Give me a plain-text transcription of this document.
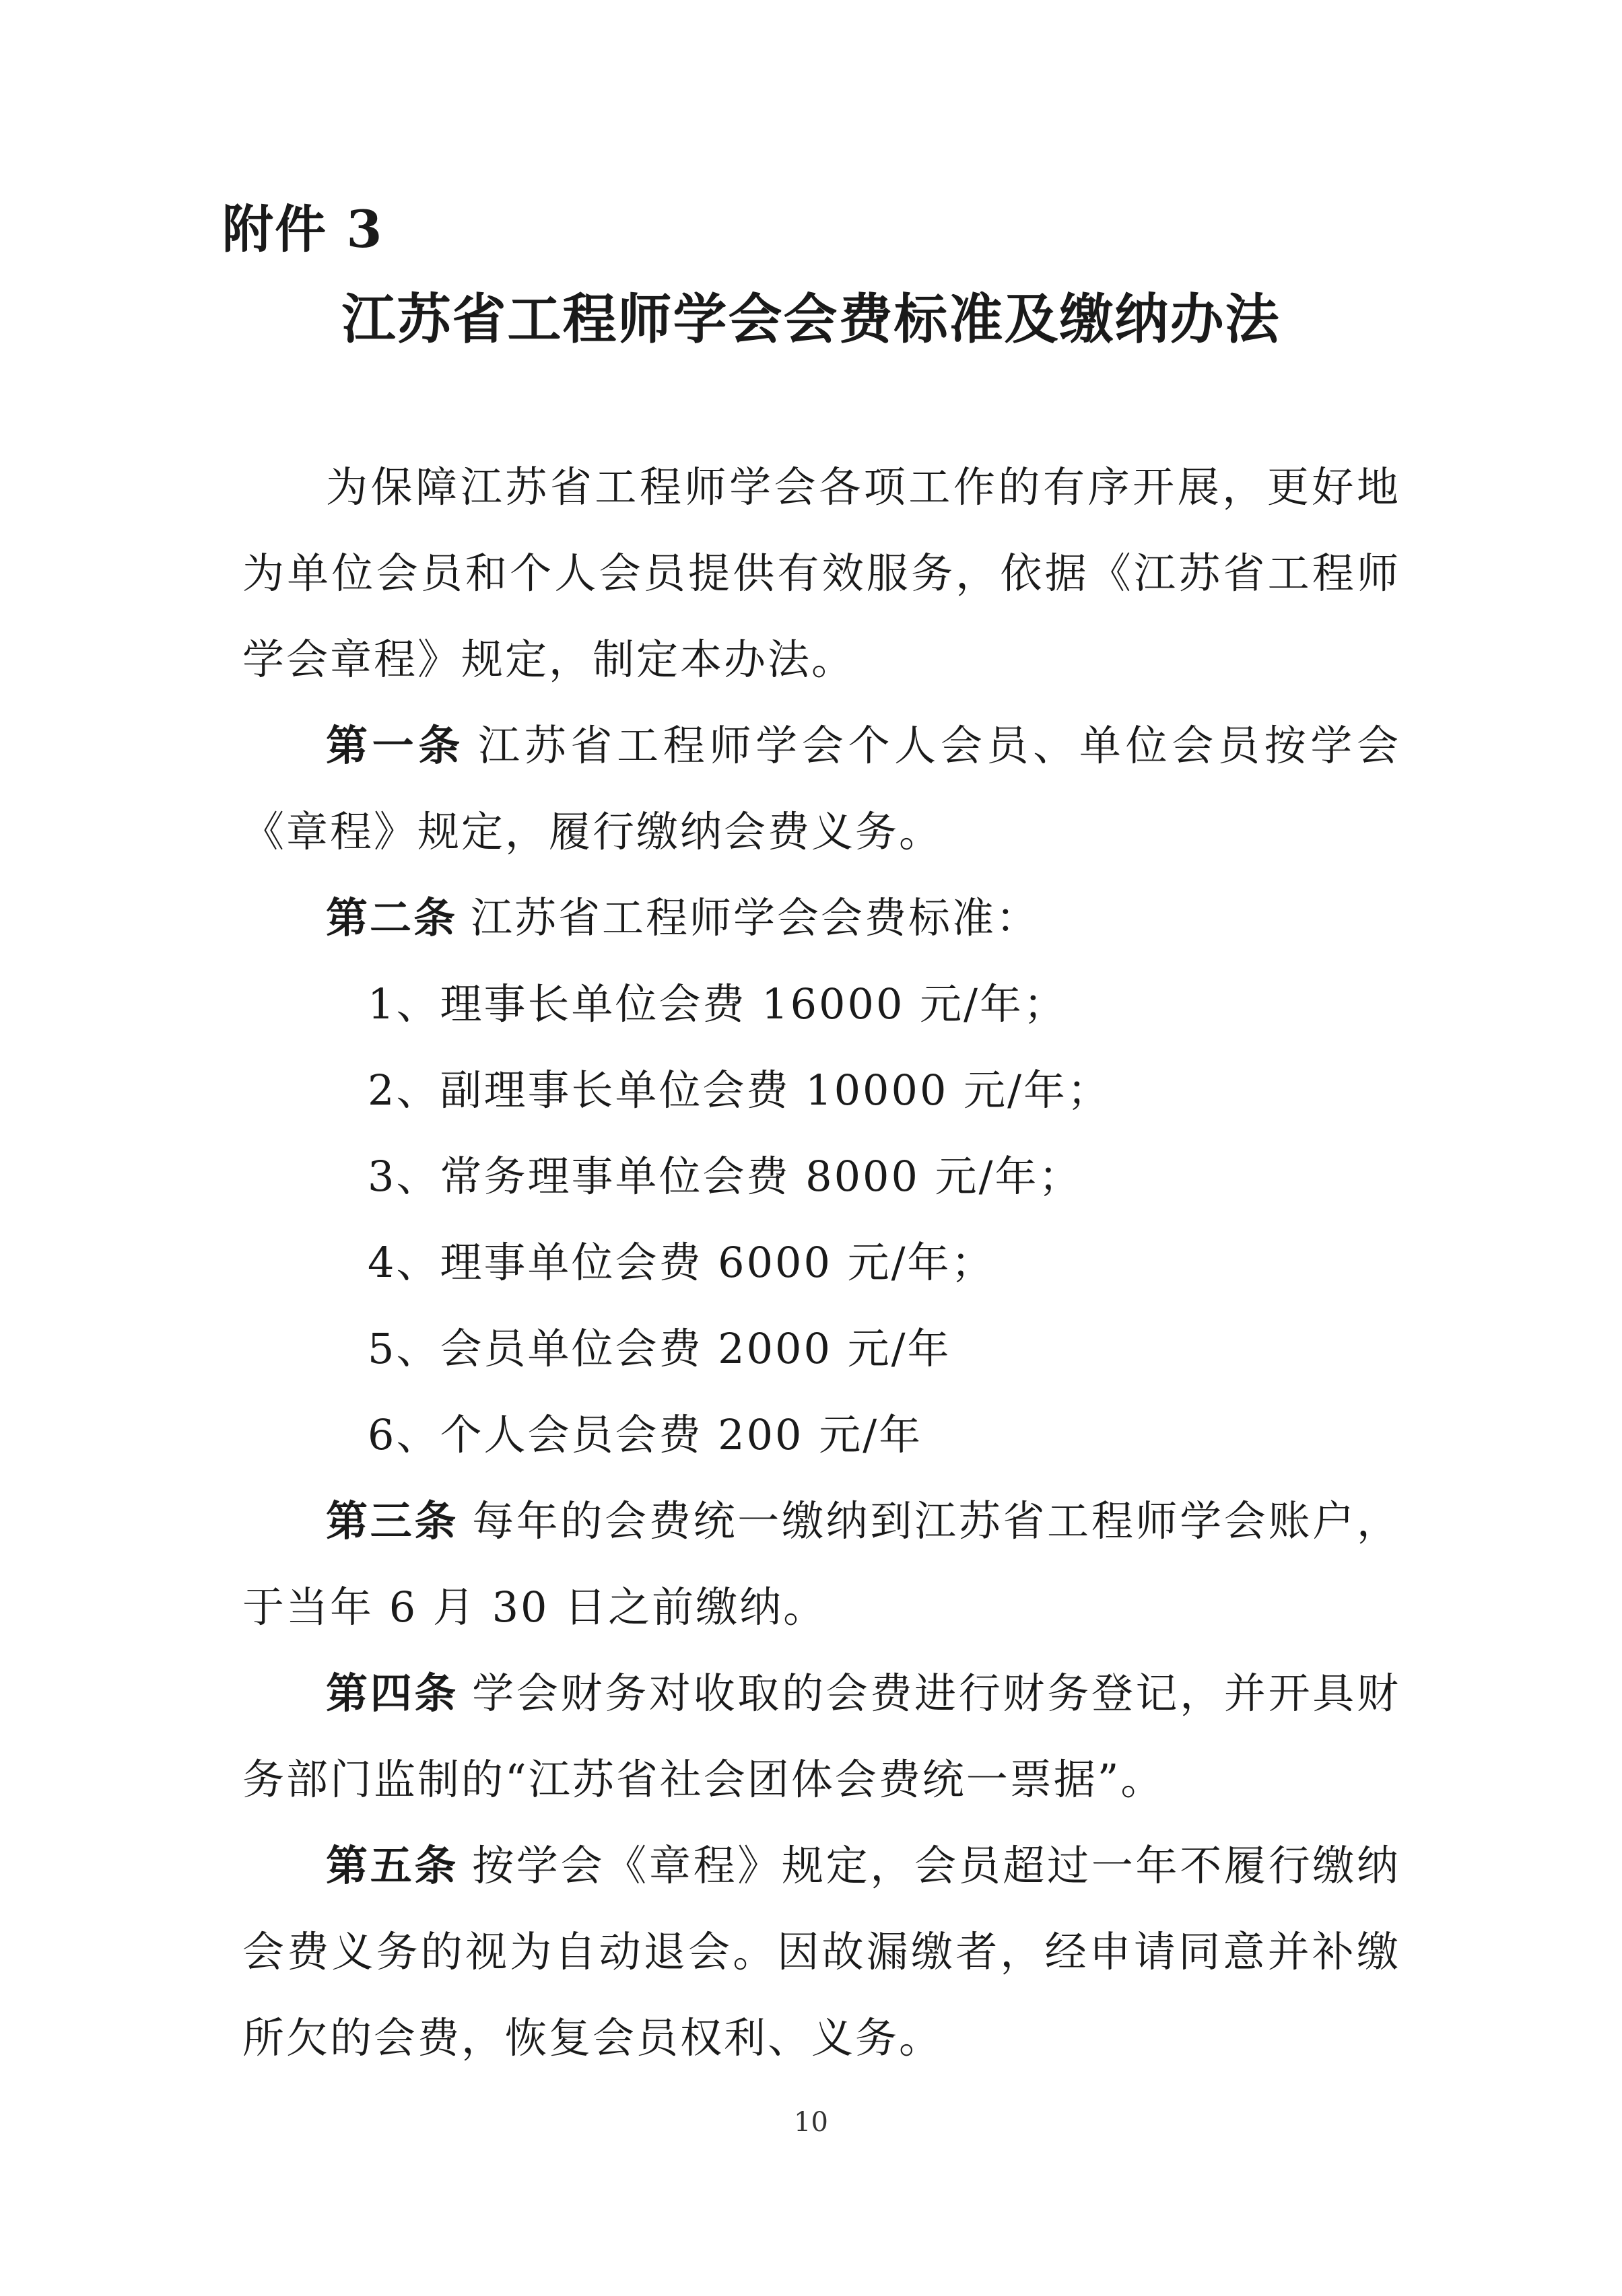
附件 3
江苏省工程师学会会费标准及缴纳办法

为保障江苏省工程师学会各项工作的有序开展，更好地为单位会员和个人会员提供有效服务，依据《江苏省工程师学会章程》规定，制定本办法。

第一条 江苏省工程师学会个人会员、单位会员按学会《章程》规定，履行缴纳会费义务。

第二条 江苏省工程师学会会费标准：

1、理事长单位会费 16000 元/年；

2、副理事长单位会费 10000 元/年；

3、常务理事单位会费 8000 元/年；

4、理事单位会费 6000 元/年；

5、会员单位会费 2000 元/年

6、个人会员会费 200 元/年

第三条 每年的会费统一缴纳到江苏省工程师学会账户，于当年 6 月 30 日之前缴纳。

第四条 学会财务对收取的会费进行财务登记，并开具财务部门监制的“江苏省社会团体会费统一票据”。

第五条 按学会《章程》规定，会员超过一年不履行缴纳会费义务的视为自动退会。因故漏缴者，经申请同意并补缴所欠的会费，恢复会员权利、义务。

10
